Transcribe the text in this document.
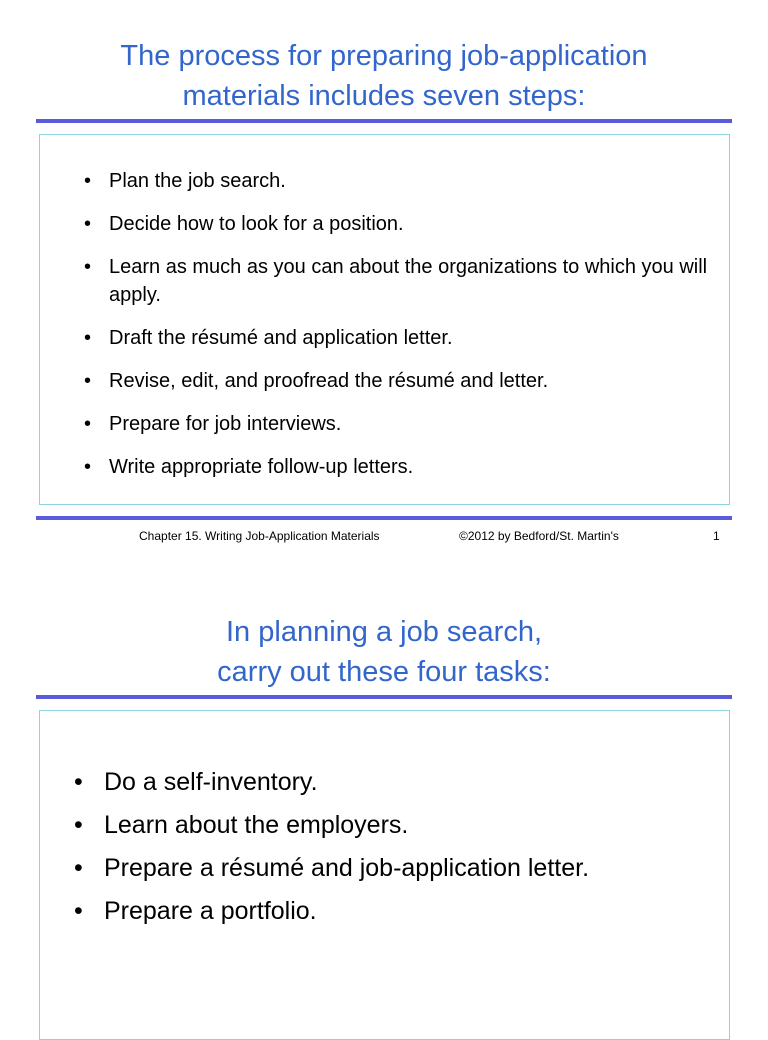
The process for preparing job-application
materials includes seven steps:
• Plan the job search.
• Decide how to look for a position.
• Learn as much as you can about the organizations to which you will apply.
• Draft the résumé and application letter.
• Revise, edit, and proofread the résumé and letter.
• Prepare for job interviews.
• Write appropriate follow-up letters.
Chapter 15. Writing Job-Application Materials	©2012 by Bedford/St. Martin's	1
In planning a job search,
carry out these four tasks:
• Do a self-inventory.
• Learn about the employers.
• Prepare a résumé and job-application letter.
• Prepare a portfolio.
